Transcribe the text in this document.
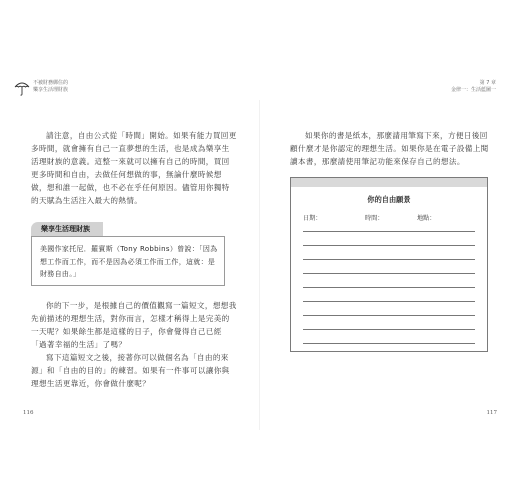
不被財務綁住的
樂享生活理財族
第 7 章
金律一：生活藍圖一
請注意，自由公式從「時間」開始。如果有能力買回更多時間，就會擁有自己一直夢想的生活，也是成為樂享生活理財族的意義。這整一來就可以擁有自己的時間，買回更多時間和自由，去做任何想做的事，無論什麼時候想做，想和誰一起做，也不必在乎任何原因。儘管用你獨特的天賦為生活注入最大的熱情。
樂享生活理財族
美國作家托尼．羅賓斯（Tony Robbins）曾說：「因為想工作而工作，而不是因為必須工作而工作，這就：是財務自由。」
你的下一步，是根據自己的價值觀寫一篇短文，想想我先前描述的理想生活，對你而言，怎樣才稱得上是完美的一天呢？如果餘生都是這樣的日子，你會覺得自己已經「過著幸福的生活」了嗎？
寫下這篇短文之後，接著你可以做個名為「自由的來源」和「自由的目的」的練習。如果有一件事可以讓你與理想生活更靠近，你會做什麼呢？
116
如果你的書是紙本，那麼請用筆寫下來，方便日後回顧什麼才是你認定的理想生活。如果你是在電子設備上閱讀本書，那麼請使用筆記功能來保存自己的想法。
你的自由願景
日期：	時間：	地點：
117
